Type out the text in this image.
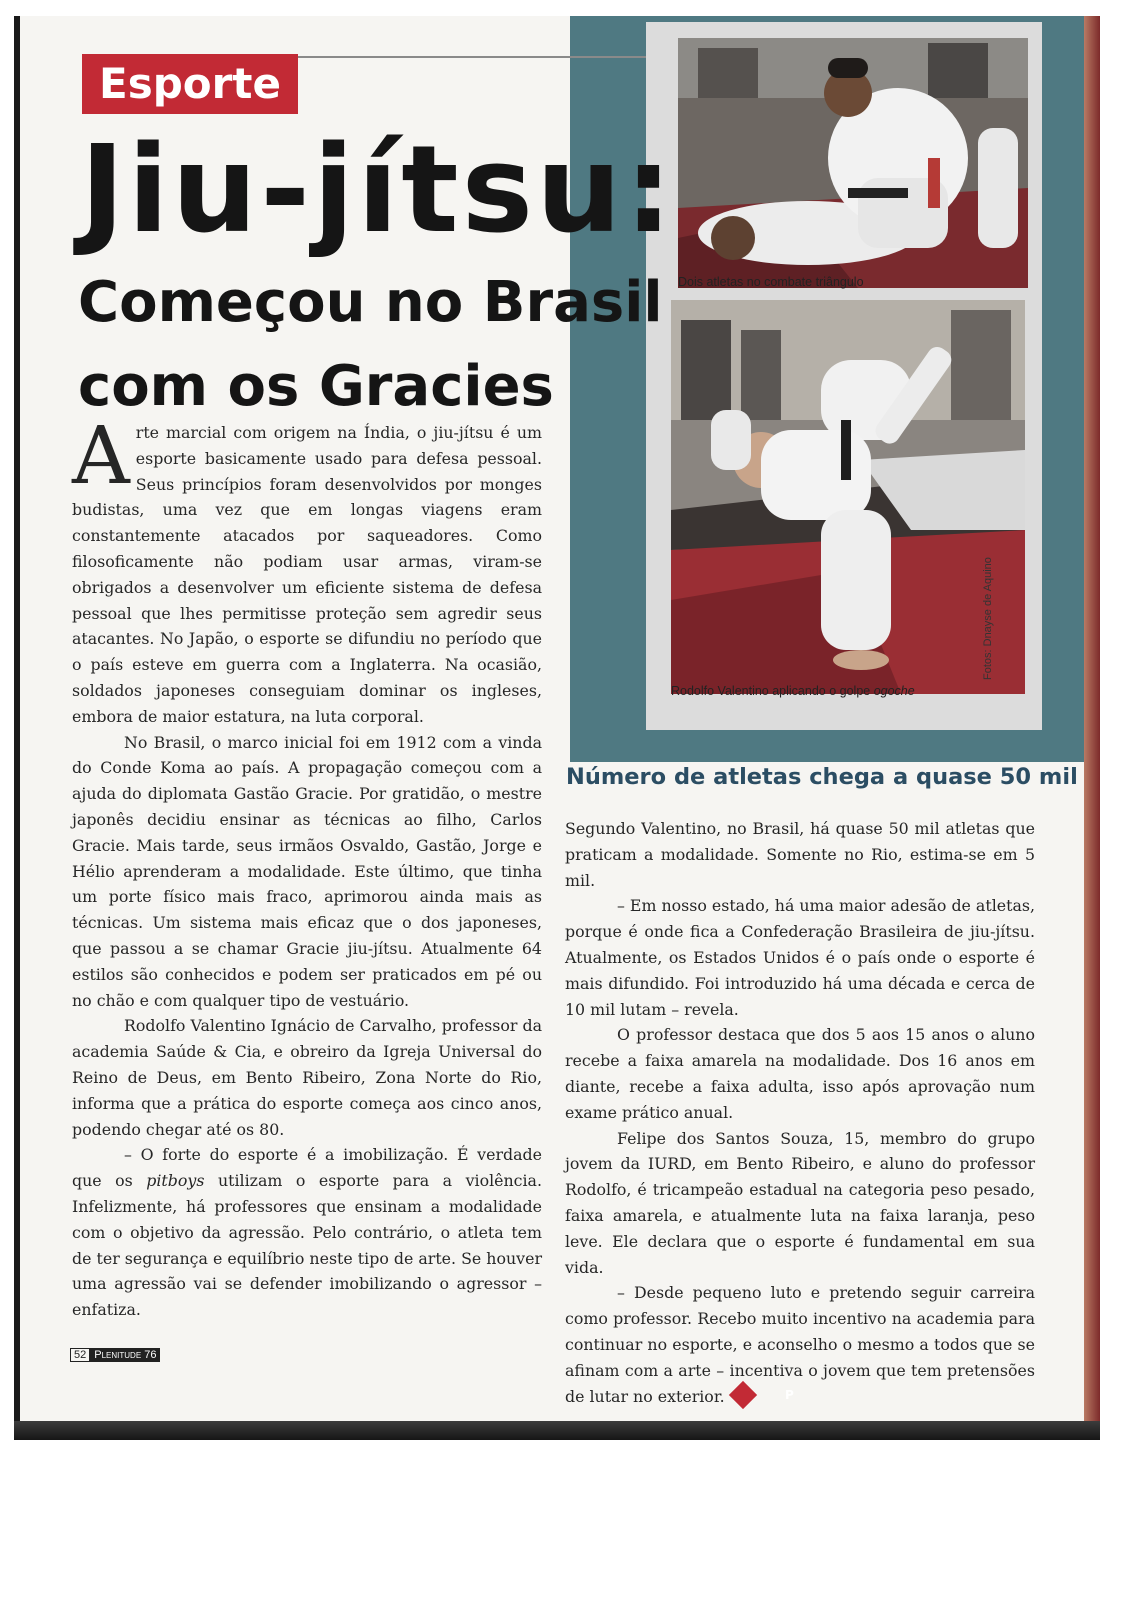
Dois atletas no combate triângulo
Rodolfo Valentino aplicando o golpe ogoche
Fotos: Dnayse de Aquino
Esporte
Jiu-jítsu:
Começou no Brasil
com os Gracies

Arte marcial com origem na Índia, o jiu-jítsu é um esporte basicamente usado para defesa pessoal. Seus princípios foram desenvolvidos por monges budistas, uma vez que em longas viagens eram constantemente atacados por saqueadores. Como filosoficamente não podiam usar armas, viram-se obrigados a desenvolver um eficiente sistema de defesa pessoal que lhes permitisse proteção sem agredir seus atacantes. No Japão, o esporte se difundiu no período que o país esteve em guerra com a Inglaterra. Na ocasião, soldados japoneses conseguiam dominar os ingleses, embora de maior estatura, na luta corporal.

No Brasil, o marco inicial foi em 1912 com a vinda do Conde Koma ao país. A propagação começou com a ajuda do diplomata Gastão Gracie. Por gratidão, o mestre japonês decidiu ensinar as técnicas ao filho, Carlos Gracie. Mais tarde, seus irmãos Osvaldo, Gastão, Jorge e Hélio aprenderam a modalidade. Este último, que tinha um porte físico mais fraco, aprimorou ainda mais as técnicas. Um sistema mais eficaz que o dos japoneses, que passou a se chamar Gracie jiu-jítsu. Atualmente 64 estilos são conhecidos e podem ser praticados em pé ou no chão e com qualquer tipo de vestuário.

Rodolfo Valentino Ignácio de Carvalho, professor da academia Saúde & Cia, e obreiro da Igreja Universal do Reino de Deus, em Bento Ribeiro, Zona Norte do Rio, informa que a prática do esporte começa aos cinco anos, podendo chegar até os 80.

– O forte do esporte é a imobilização. É verdade que os pitboys utilizam o esporte para a violência. Infelizmente, há professores que ensinam a modalidade com o objetivo da agressão. Pelo contrário, o atleta tem de ter segurança e equilíbrio neste tipo de arte. Se houver uma agressão vai se defender imobilizando o agressor – enfatiza.

Número de atletas chega a quase 50 mil

Segundo Valentino, no Brasil, há quase 50 mil atletas que praticam a modalidade. Somente no Rio, estima-se em 5 mil.

– Em nosso estado, há uma maior adesão de atletas, porque é onde fica a Confederação Brasileira de jiu-jítsu. Atualmente, os Estados Unidos é o país onde o esporte é mais difundido. Foi introduzido há uma década e cerca de 10 mil lutam – revela.

O professor destaca que dos 5 aos 15 anos o aluno recebe a faixa amarela na modalidade. Dos 16 anos em diante, recebe a faixa adulta, isso após aprovação num exame prático anual.

Felipe dos Santos Souza, 15, membro do grupo jovem da IURD, em Bento Ribeiro, e aluno do professor Rodolfo, é tricampeão estadual na categoria peso pesado, faixa amarela, e atualmente luta na faixa laranja, peso leve. Ele declara que o esporte é fundamental em sua vida.

– Desde pequeno luto e pretendo seguir carreira como professor. Recebo muito incentivo na academia para continuar no esporte, e aconselho o mesmo a todos que se afinam com a arte – incentiva o jovem que tem pretensões de lutar no exterior.	P

52 Plenitude 76
